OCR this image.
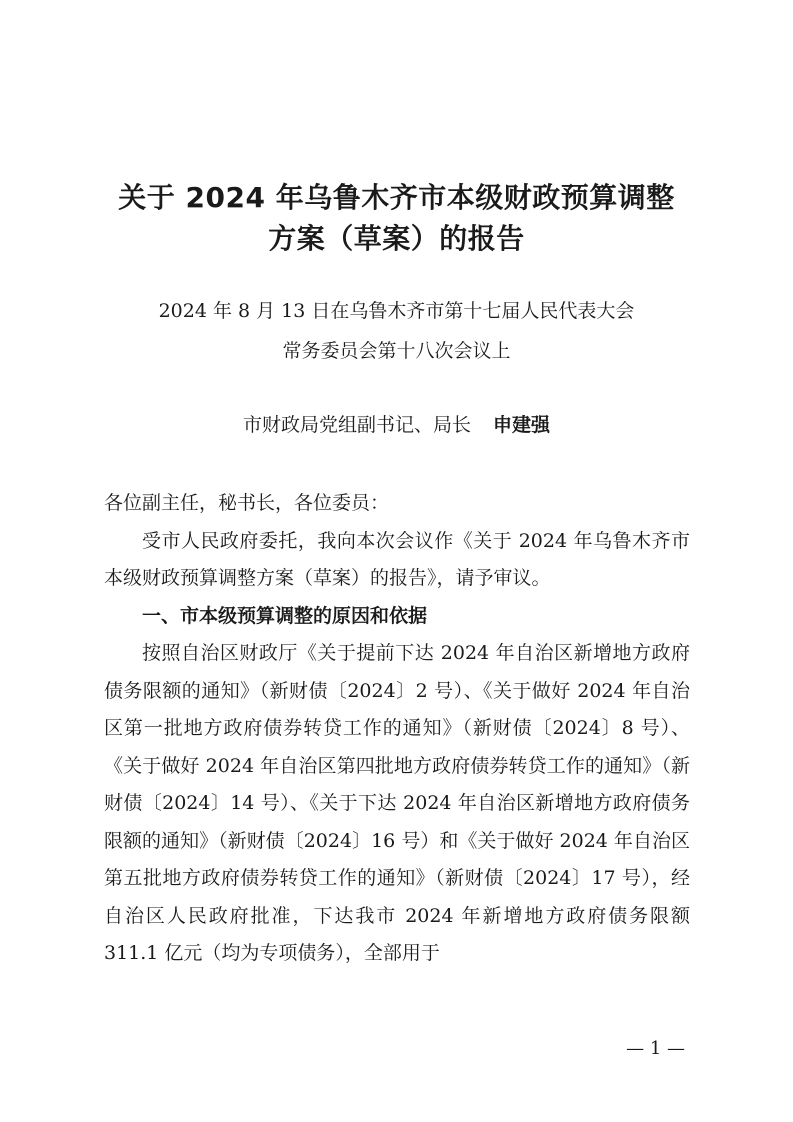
关于 2024 年乌鲁木齐市本级财政预算调整
方案（草案）的报告

2024 年 8 月 13 日在乌鲁木齐市第十七届人民代表大会

常务委员会第十八次会议上

市财政局党组副书记、局长 申建强

各位副主任，秘书长，各位委员：

受市人民政府委托，我向本次会议作《关于 2024 年乌鲁木齐市本级财政预算调整方案（草案）的报告》，请予审议。

一、市本级预算调整的原因和依据

按照自治区财政厅《关于提前下达 2024 年自治区新增地方政府债务限额的通知》（新财债〔2024〕2 号）、《关于做好 2024 年自治区第一批地方政府债券转贷工作的通知》（新财债〔2024〕8 号）、《关于做好 2024 年自治区第四批地方政府债券转贷工作的通知》（新财债〔2024〕14 号）、《关于下达 2024 年自治区新增地方政府债务限额的通知》（新财债〔2024〕16 号）和《关于做好 2024 年自治区第五批地方政府债券转贷工作的通知》（新财债〔2024〕17 号），经自治区人民政府批准，下达我市 2024 年新增地方政府债务限额 311.1 亿元（均为专项债务），全部用于

— 1 —
